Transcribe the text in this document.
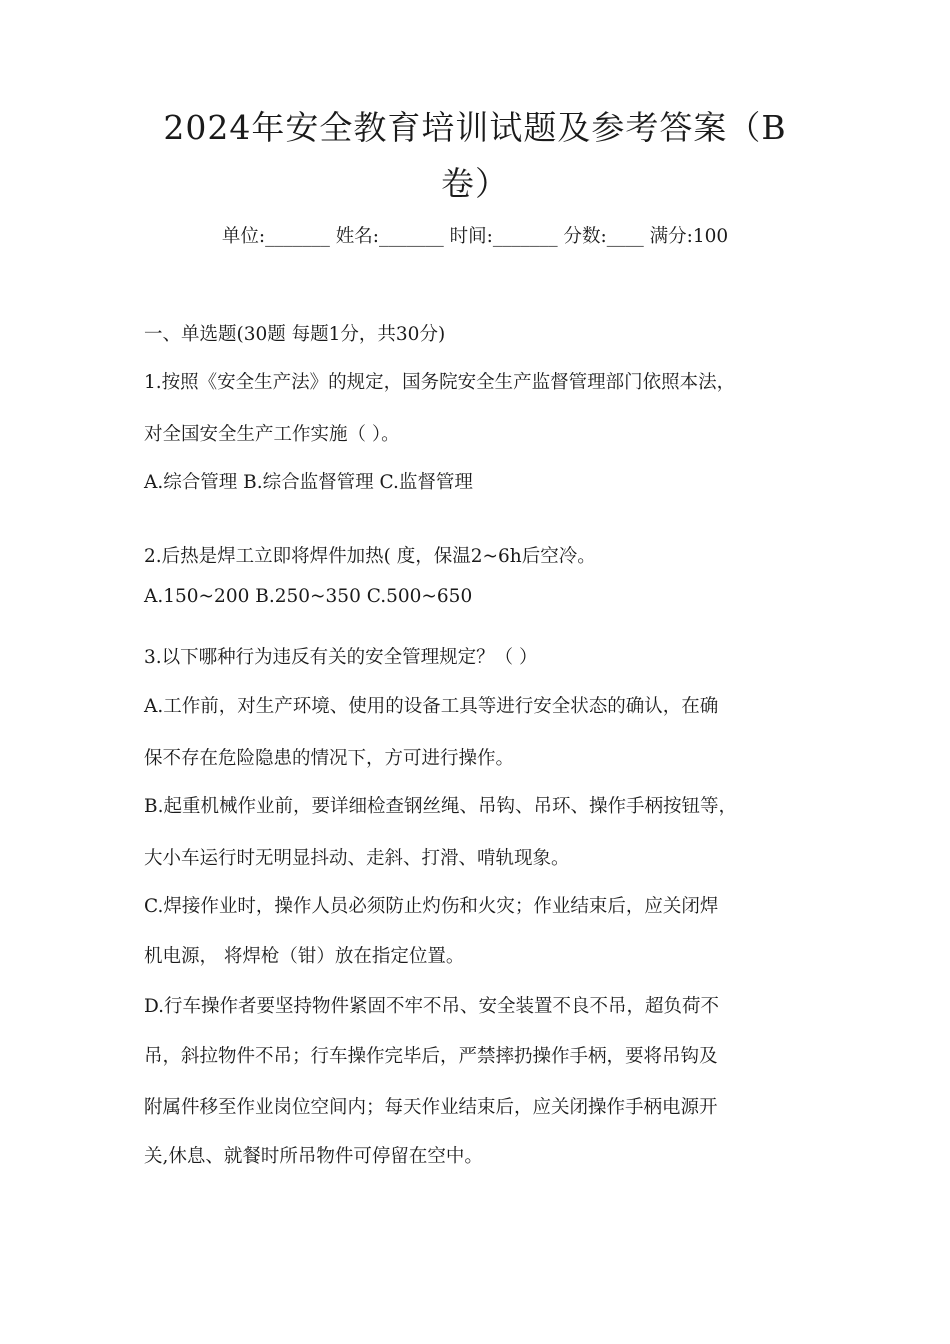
2024年安全教育培训试题及参考答案（B
卷）
单位:_______ 姓名:_______ 时间:_______ 分数:____ 满分:100
一、单选题(30题 每题1分，共30分)
1.按照《安全生产法》的规定，国务院安全生产监督管理部门依照本法，
对全国安全生产工作实施（ ）。
A.综合管理 B.综合监督管理 C.监督管理
2.后热是焊工立即将焊件加热( 度，保温2~6h后空冷。
A.150~200 B.250~350 C.500~650
3.以下哪种行为违反有关的安全管理规定？（ ）
A.工作前，对生产环境、使用的设备工具等进行安全状态的确认，在确
保不存在危险隐患的情况下，方可进行操作。
B.起重机械作业前，要详细检查钢丝绳、吊钩、吊环、操作手柄按钮等，
大小车运行时无明显抖动、走斜、打滑、啃轨现象。
C.焊接作业时，操作人员必须防止灼伤和火灾；作业结束后，应关闭焊
机电源， 将焊枪（钳）放在指定位置。
D.行车操作者要坚持物件紧固不牢不吊、安全装置不良不吊，超负荷不
吊，斜拉物件不吊；行车操作完毕后，严禁摔扔操作手柄，要将吊钩及
附属件移至作业岗位空间内；每天作业结束后，应关闭操作手柄电源开
关,休息、就餐时所吊物件可停留在空中。
